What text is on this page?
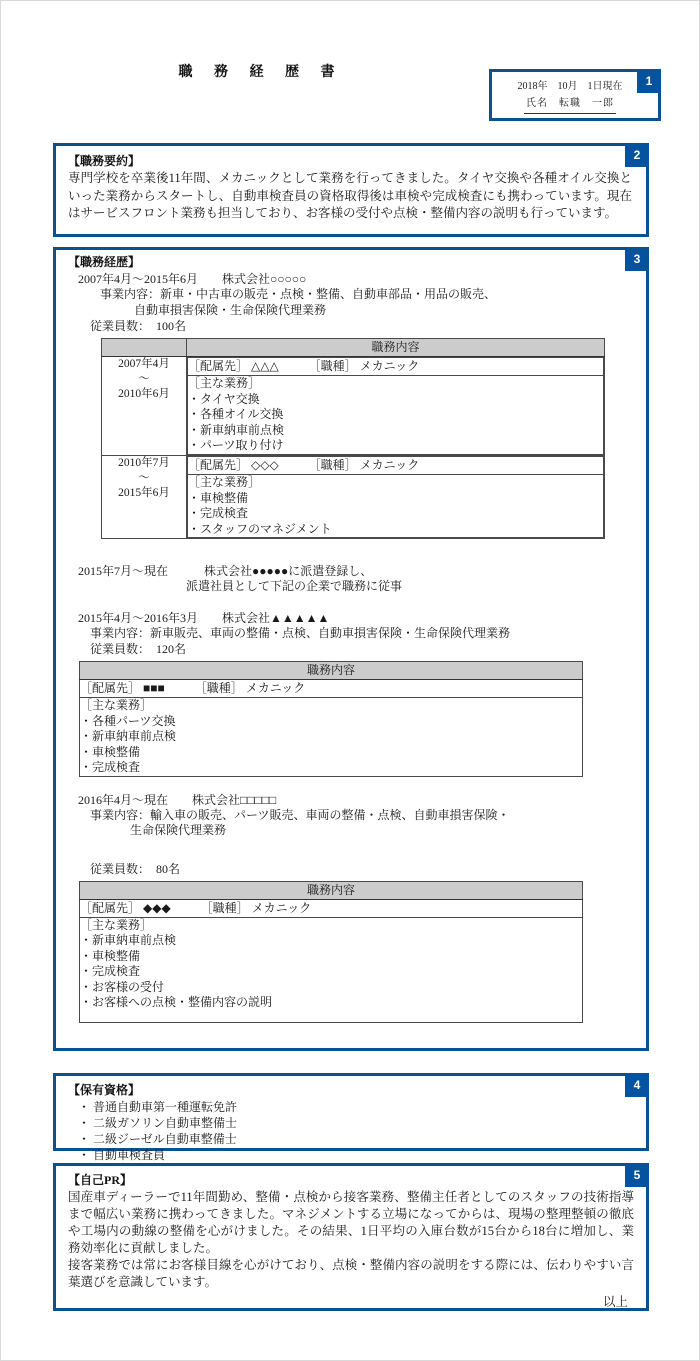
職 務 経 歴 書
1
2018年　10月　1日現在
氏名　転職　一郎
2
【職務要約】

専門学校を卒業後11年間、メカニックとして業務を行ってきました。タイヤ交換や各種オイル交換といった業務からスタートし、自動車検査員の資格取得後は車検や完成検査にも携わっています。現在はサービスフロント業務も担当しており、お客様の受付や点検・整備内容の説明も行っています。

3
【職務経歴】
2007年4月～2015年6月　　株式会社○○○○○
事業内容：新車・中古車の販売・点検・整備、自動車部品・用品の販売、
自動車損害保険・生命保険代理業務
従業員数：　100名
	職務内容
2007年4月
～
2010年6月	
［配属先］ △△△　　　［職種］ メカニック

［主な業務］
・タイヤ交換
・各種オイル交換
・新車納車前点検
・パーツ取り付け

2010年7月
～
2015年6月	
［配属先］ ◇◇◇　　　［職種］ メカニック

［主な業務］
・車検整備
・完成検査
・スタッフのマネジメント
2015年7月～現在　　　株式会社●●●●●に派遣登録し、
派遣社員として下記の企業で職務に従事
2015年4月～2016年3月　　株式会社▲▲▲▲▲
事業内容：新車販売、車両の整備・点検、自動車損害保険・生命保険代理業務
従業員数：　120名
職務内容
［配属先］ ■■■　　　［職種］ メカニック

［主な業務］
・各種パーツ交換
・新車納車前点検
・車検整備
・完成検査
2016年4月～現在　　株式会社□□□□□
事業内容：輸入車の販売、パーツ販売、車両の整備・点検、自動車損害保険・
生命保険代理業務
従業員数：　80名
職務内容
［配属先］ ◆◆◆　　　［職種］ メカニック

［主な業務］
・新車納車前点検
・車検整備
・完成検査
・お客様の受付
・お客様への点検・整備内容の説明
4
【保有資格】
・ 普通自動車第一種運転免許
・ 二級ガソリン自動車整備士
・ 二級ジーゼル自動車整備士
・ 自動車検査員
5
【自己PR】

国産車ディーラーで11年間勤め、整備・点検から接客業務、整備主任者としてのスタッフの技術指導まで幅広い業務に携わってきました。マネジメントする立場になってからは、現場の整理整頓の徹底や工場内の動線の整備を心がけました。その結果、1日平均の入庫台数が15台から18台に増加し、業務効率化に貢献しました。

接客業務では常にお客様目線を心がけており、点検・整備内容の説明をする際には、伝わりやすい言葉選びを意識しています。

以上
